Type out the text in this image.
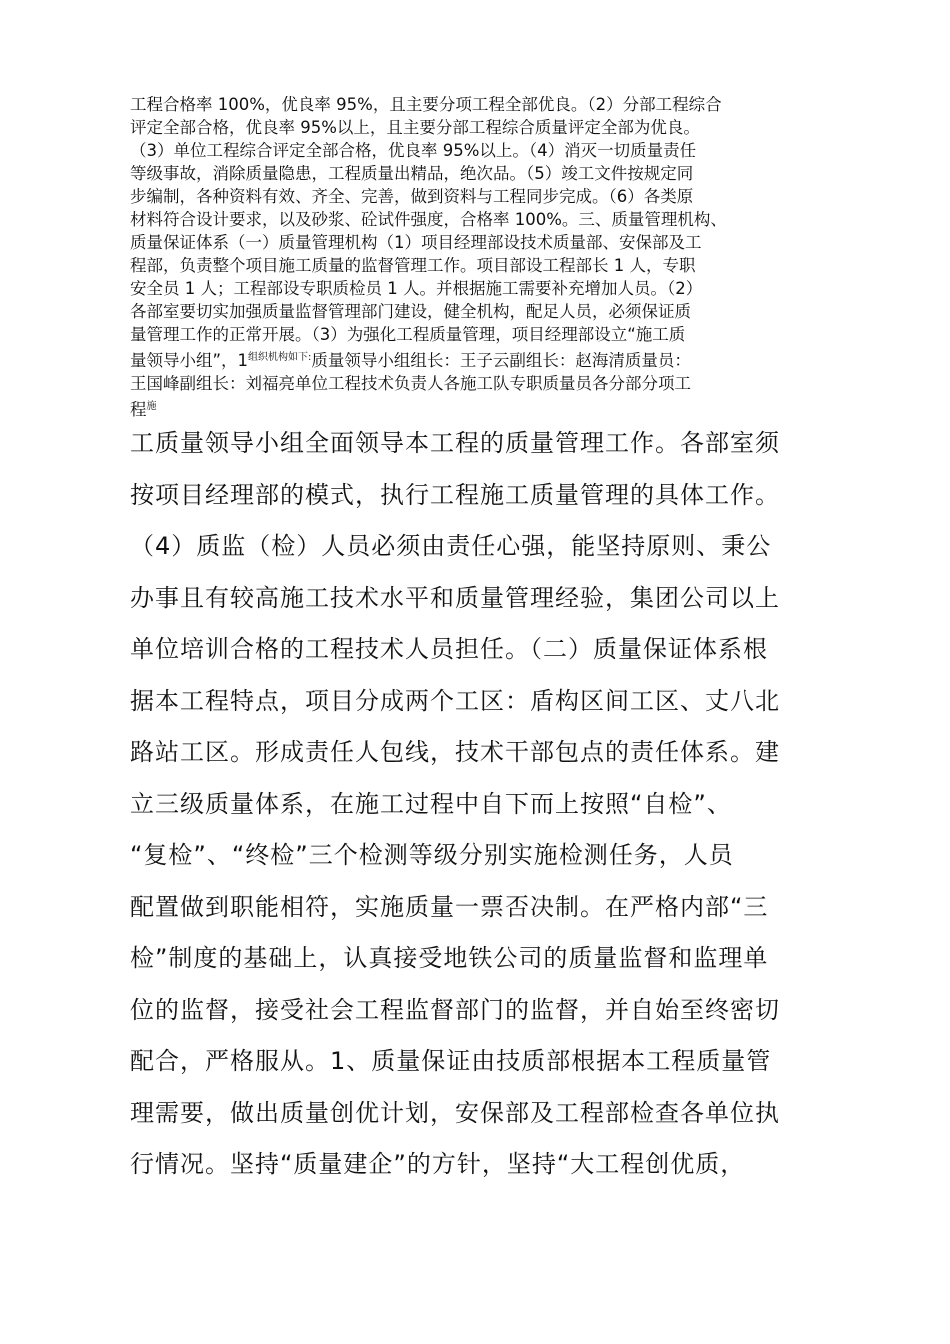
工程合格率 100%，优良率 95%，且主要分项工程全部优良。（2）分部工程综合
评定全部合格，优良率 95%以上，且主要分部工程综合质量评定全部为优良。
（3）单位工程综合评定全部合格，优良率 95%以上。（4）消灭一切质量责任
等级事故，消除质量隐患，工程质量出精品，绝次品。（5）竣工文件按规定同
步编制，各种资料有效、齐全、完善，做到资料与工程同步完成。（6）各类原
材料符合设计要求，以及砂浆、砼试件强度，合格率 100%。三、质量管理机构、
质量保证体系（一）质量管理机构（1）项目经理部设技术质量部、安保部及工
程部，负责整个项目施工质量的监督管理工作。项目部设工程部长 1 人，专职
安全员 1 人；工程部设专职质检员 1 人。并根据施工需要补充增加人员。（2）
各部室要切实加强质量监督管理部门建设，健全机构，配足人员，必须保证质
量管理工作的正常开展。（3）为强化工程质量管理，项目经理部设立“施工质
量领导小组”，$1^{组织机构如下:}$质量领导小组组长：王子云副组长：赵海清质量员：
王国峰副组长：刘福亮单位工程技术负责人各施工队专职质量员各分部分项工
程$^施$
工质量领导小组全面领导本工程的质量管理工作。各部室须
按项目经理部的模式，执行工程施工质量管理的具体工作。
（4）质监（检）人员必须由责任心强，能坚持原则、秉公
办事且有较高施工技术水平和质量管理经验，集团公司以上
单位培训合格的工程技术人员担任。（二）质量保证体系根
据本工程特点，项目分成两个工区：盾构区间工区、丈八北
路站工区。形成责任人包线，技术干部包点的责任体系。建
立三级质量体系，在施工过程中自下而上按照“自检”、
“复检”、“终检”三个检测等级分别实施检测任务，人员
配置做到职能相符，实施质量一票否决制。在严格内部“三
检”制度的基础上，认真接受地铁公司的质量监督和监理单
位的监督，接受社会工程监督部门的监督，并自始至终密切
配合，严格服从。1、质量保证由技质部根据本工程质量管
理需要，做出质量创优计划，安保部及工程部检查各单位执
行情况。坚持“质量建企”的方针，坚持“大工程创优质，
